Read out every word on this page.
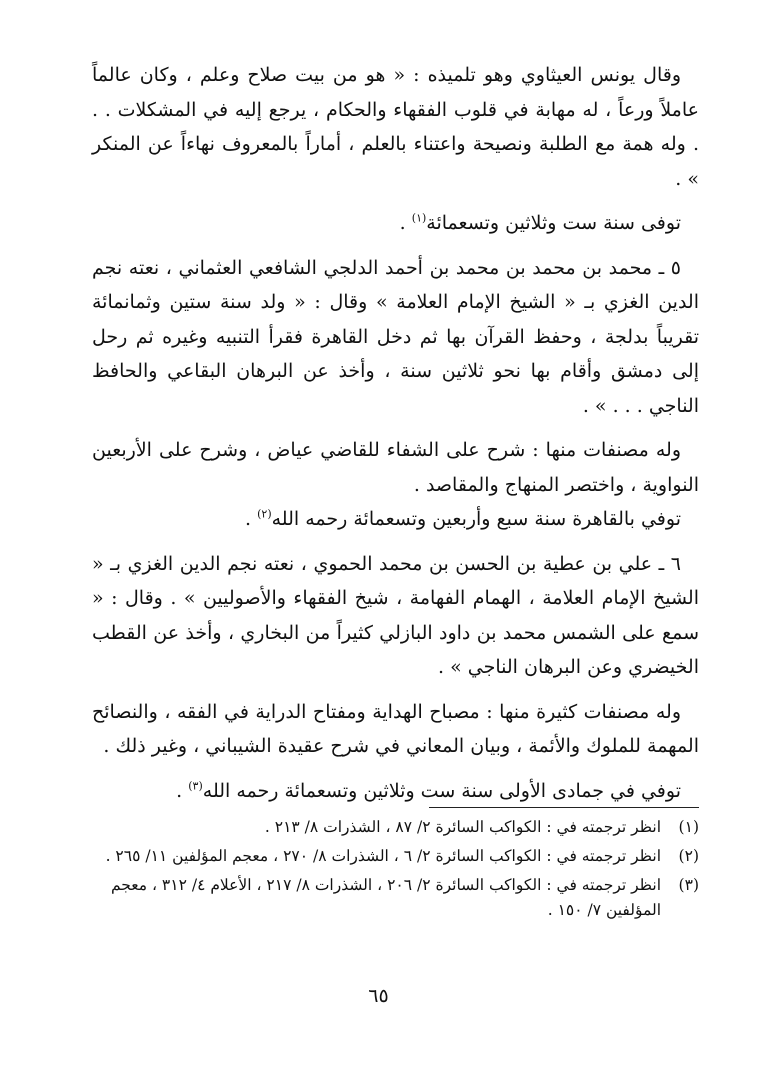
وقال يونس العيثاوي وهو تلميذه : « هو من بيت صلاح وعلم ، وكان عالماً عاملاً ورعاً ، له مهابة في قلوب الفقهاء والحكام ، يرجع إليه في المشكلات . . . وله همة مع الطلبة ونصيحة واعتناء بالعلم ، أماراً بالمعروف نهاءاً عن المنكر » .

توفى سنة ست وثلاثين وتسعمائة$^{(١)}$ .

٥ ـ محمد بن محمد بن محمد بن أحمد الدلجي الشافعي العثماني ، نعته نجم الدين الغزي بـ « الشيخ الإمام العلامة » وقال : « ولد سنة ستين وثمانمائة تقريباً بدلجة ، وحفظ القرآن بها ثم دخل القاهرة فقرأ التنبيه وغيره ثم رحل إلى دمشق وأقام بها نحو ثلاثين سنة ، وأخذ عن البرهان البقاعي والحافظ الناجي . . . » .

وله مصنفات منها : شرح على الشفاء للقاضي عياض ، وشرح على الأربعين النواوية ، واختصر المنهاج والمقاصد .

توفي بالقاهرة سنة سبع وأربعين وتسعمائة رحمه الله$^{(٢)}$ .

٦ ـ علي بن عطية بن الحسن بن محمد الحموي ، نعته نجم الدين الغزي بـ « الشيخ الإمام العلامة ، الهمام الفهامة ، شيخ الفقهاء والأصوليين » . وقال : « سمع على الشمس محمد بن داود البازلي كثيراً من البخاري ، وأخذ عن القطب الخيضري وعن البرهان الناجي » .

وله مصنفات كثيرة منها : مصباح الهداية ومفتاح الدراية في الفقه ، والنصائح المهمة للملوك والأئمة ، وبيان المعاني في شرح عقيدة الشيباني ، وغير ذلك .

توفي في جمادى الأولى سنة ست وثلاثين وتسعمائة رحمه الله$^{(٣)}$ .

(١)
انظر ترجمته في : الكواكب السائرة ٢/ ٨٧ ، الشذرات ٨/ ٢١٣ .
(٢)
انظر ترجمته في : الكواكب السائرة ٢/ ٦ ، الشذرات ٨/ ٢٧٠ ، معجم المؤلفين ١١/ ٢٦٥ .
(٣)
انظر ترجمته في : الكواكب السائرة ٢/ ٢٠٦ ، الشذرات ٨/ ٢١٧ ، الأعلام ٤/ ٣١٢ ، معجم المؤلفين ٧/ ١٥٠ .
٦٥
